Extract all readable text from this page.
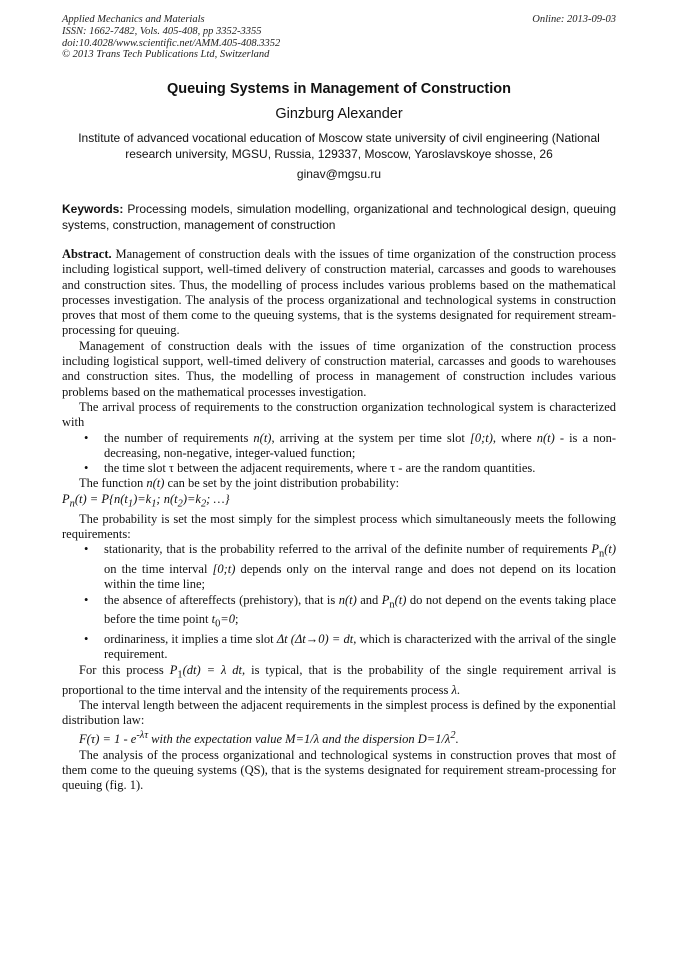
Applied Mechanics and Materials
ISSN: 1662-7482, Vols. 405-408, pp 3352-3355
doi:10.4028/www.scientific.net/AMM.405-408.3352
© 2013 Trans Tech Publications Ltd, Switzerland
Online: 2013-09-03
Queuing Systems in Management of Construction
Ginzburg Alexander
Institute of advanced vocational education of Moscow state university of civil engineering (National research university, MGSU, Russia, 129337, Moscow, Yaroslavskoye shosse, 26
ginav@mgsu.ru
Keywords: Processing models, simulation modelling, organizational and technological design, queuing systems, construction, management of construction

Abstract. Management of construction deals with the issues of time organization of the construction process including logistical support, well-timed delivery of construction material, carcasses and goods to warehouses and construction sites. Thus, the modelling of process includes various problems based on the mathematical processes investigation. The analysis of the process organizational and technological systems in construction proves that most of them come to the queuing systems, that is the systems designated for requirement stream-processing for queuing.

Management of construction deals with the issues of time organization of the construction process including logistical support, well-timed delivery of construction material, carcasses and goods to warehouses and construction sites. Thus, the modelling of process in management of construction includes various problems based on the mathematical processes investigation.

The arrival process of requirements to the construction organization technological system is characterized with

• the number of requirements n(t), arriving at the system per time slot [0;t), where n(t) - is a non-decreasing, non-negative, integer-valued function;
• the time slot τ between the adjacent requirements, where τ - are the random quantities.

The function n(t) can be set by the joint distribution probability:

$P_n(t) = P\{n(t_1)=k_1$; $n(t_2)=k_2$; …}

The probability is set the most simply for the simplest process which simultaneously meets the following requirements:

• stationarity, that is the probability referred to the arrival of the definite number of requirements $P_n(t)$ on the time interval [0;t) depends only on the interval range and does not depend on its location within the time line;
• the absence of aftereffects (prehistory), that is n(t) and $P_n(t)$ do not depend on the events taking place before the time point $t_0=0$;
• ordinariness, it implies a time slot Δt (Δt→0) = dt, which is characterized with the arrival of the single requirement.

For this process $P_1(dt) = \lambda$ dt, is typical, that is the probability of the single requirement arrival is proportional to the time interval and the intensity of the requirements process λ.

The interval length between the adjacent requirements in the simplest process is defined by the exponential distribution law:

$F(\tau) = 1 - e^{-\lambda\tau}$ with the expectation value M=1/λ and the dispersion $D=1/\lambda^2$.

The analysis of the process organizational and technological systems in construction proves that most of them come to the queuing systems (QS), that is the systems designated for requirement stream-processing for queuing (fig. 1).
